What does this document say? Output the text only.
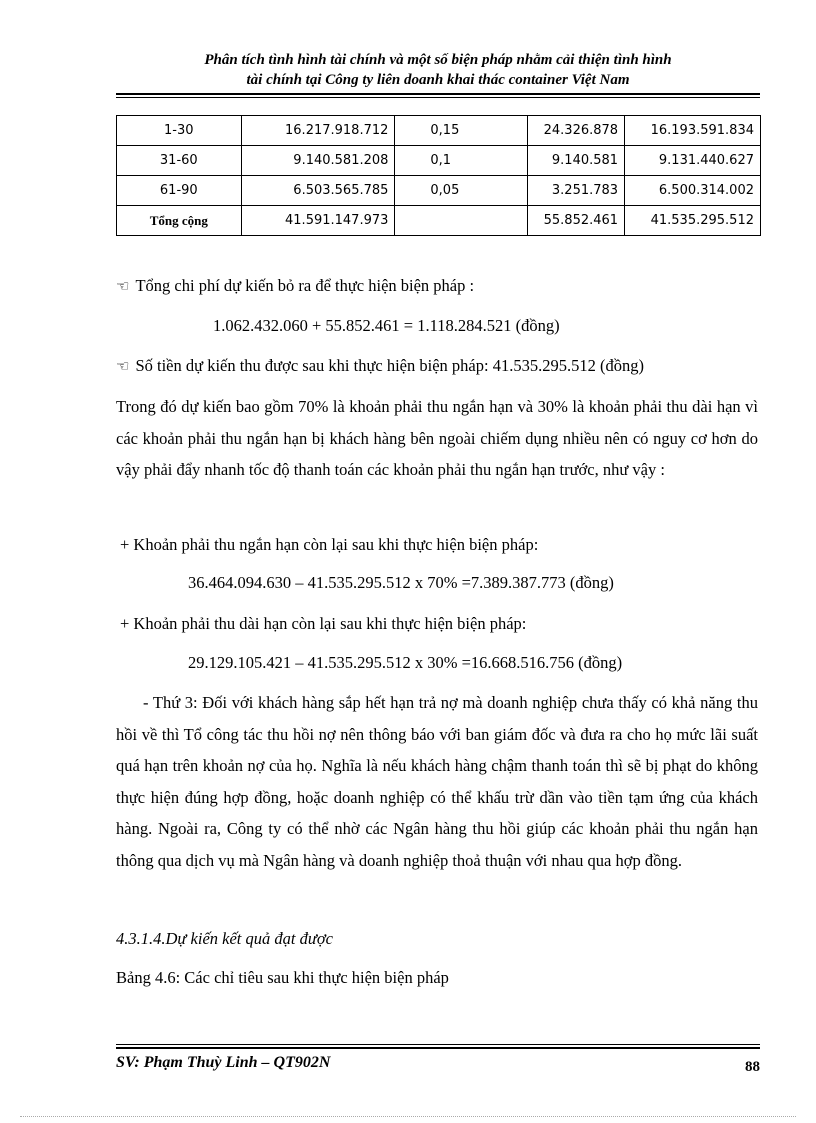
Phân tích tình hình tài chính và một số biện pháp nhằm cải thiện tình hình
tài chính tại Công ty liên doanh khai thác container Việt Nam
1-30	16.217.918.712	0,15	24.326.878	16.193.591.834
31-60	9.140.581.208	0,1	9.140.581	9.131.440.627
61-90	6.503.565.785	0,05	3.251.783	6.500.314.002
Tổng cộng	41.591.147.973		55.852.461	41.535.295.512
☜ Tổng chi phí dự kiến bỏ ra để thực hiện biện pháp :
1.062.432.060 + 55.852.461 = 1.118.284.521 (đồng)
☜ Số tiền dự kiến thu được sau khi thực hiện biện pháp: 41.535.295.512 (đồng)
Trong đó dự kiến bao gồm 70% là khoản phải thu ngắn hạn và 30% là khoản phải thu dài hạn vì các khoản phải thu ngắn hạn bị khách hàng bên ngoài chiếm dụng nhiều nên có nguy cơ hơn do vậy phải đẩy nhanh tốc độ thanh toán các khoản phải thu ngắn hạn trước, như vậy :
+ Khoản phải thu ngắn hạn còn lại sau khi thực hiện biện pháp:
36.464.094.630 – 41.535.295.512 x 70% =7.389.387.773 (đồng)
+ Khoản phải thu dài hạn còn lại sau khi thực hiện biện pháp:
29.129.105.421 – 41.535.295.512 x 30% =16.668.516.756 (đồng)
- Thứ 3: Đối với khách hàng sắp hết hạn trả nợ mà doanh nghiệp chưa thấy có khả năng thu hồi về thì Tổ công tác thu hồi nợ nên thông báo với ban giám đốc và đưa ra cho họ mức lãi suất quá hạn trên khoản nợ của họ. Nghĩa là nếu khách hàng chậm thanh toán thì sẽ bị phạt do không thực hiện đúng hợp đồng, hoặc doanh nghiệp có thể khấu trừ dần vào tiền tạm ứng của khách hàng. Ngoài ra, Công ty có thể nhờ các Ngân hàng thu hồi giúp các khoản phải thu ngắn hạn thông qua dịch vụ mà Ngân hàng và doanh nghiệp thoả thuận với nhau qua hợp đồng.
4.3.1.4.Dự kiến kết quả đạt được
Bảng 4.6: Các chỉ tiêu sau khi thực hiện biện pháp
SV: Phạm Thuỳ Linh – QT902N	88
